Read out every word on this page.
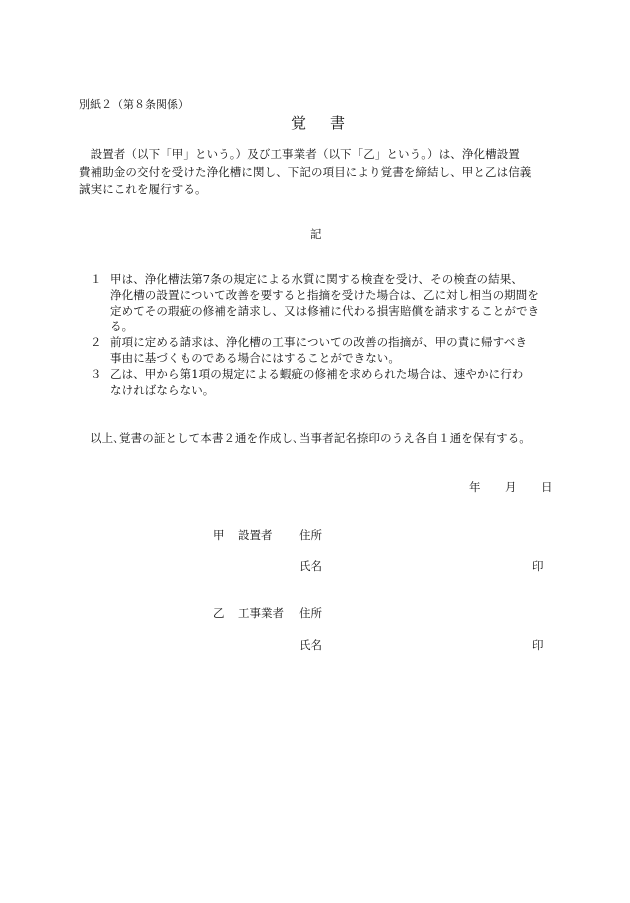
別紙２（第８条関係）
覚 書
　設置者（以下「甲」という。）及び工事業者（以下「乙」という。）は、浄化槽設置
費補助金の交付を受けた浄化槽に関し、下記の項目により覚書を締結し、甲と乙は信義
誠実にこれを履行する。
記
１ 甲は、浄化槽法第7条の規定による水質に関する検査を受け、その検査の結果、
浄化槽の設置について改善を要すると指摘を受けた場合は、乙に対し相当の期間を
定めてその瑕疵の修補を請求し、又は修補に代わる損害賠償を請求することができ
る。
２ 前項に定める請求は、浄化槽の工事についての改善の指摘が、甲の責に帰すべき
事由に基づくものである場合にはすることができない。
３ 乙は、甲から第1項の規定による蝦疵の修補を求められた場合は、速やかに行わ
なければならない。
以上､覚書の証として本書２通を作成し､当事者記名捺印のうえ各自１通を保有する。
年 月 日
甲 設置者 住所
氏名	印
乙 工事業者 住所
氏名	印
